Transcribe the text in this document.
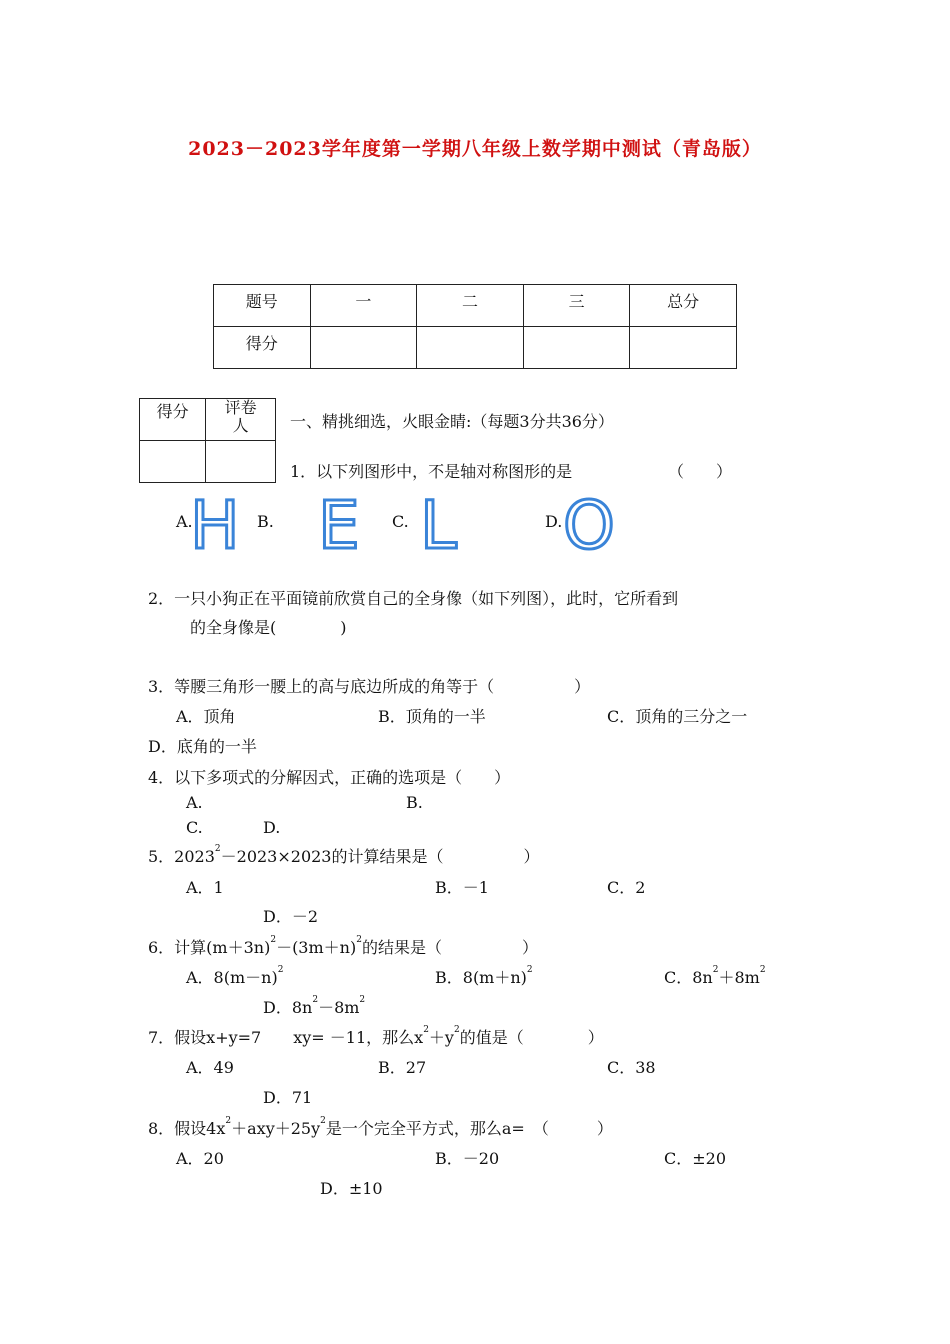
2023－2023学年度第一学期八年级上数学期中测试（青岛版）
题号	一	二	三	总分
得分				
得分	评卷人
		一、精挑细选，火眼金睛:（每题3分共36分）
1．以下列图形中，不是轴对称图形的是	（　　）
A.
H B. E C. L	D. O
2．一只小狗正在平面镜前欣赏自己的全身像（如下列图），此时，它所看到
的全身像是(　　　　)
3．等腰三角形一腰上的高与底边所成的角等于（　　　　　）
A．顶角	B．顶角的一半	C．顶角的三分之一
D．底角的一半
4．以下多项式的分解因式，正确的选项是（　　）
A.	B.
C.	D.
5．$2023^2-2023\times 2023$的计算结果是（　　　　　）
A．1	B．－1	C．2
D．－2
6．计算$(m+3n)^2-(3m+n)^2$的结果是（　　　　　）
A．$8(m-n)^2$	B．$8(m+n)^2$	C．$8n^2+8m^2$
D．$8n^2-8m^2$
7．假设x+y=7　　xy= －11，那么$x^2+y^2$的值是（　　　　）
A．49	B．27	C．38
D．71
8．假设$4x^2+axy+25y^2$是一个完全平方式，那么a=　（　　　）
A．20	B．－20	C．±20
D．±10
